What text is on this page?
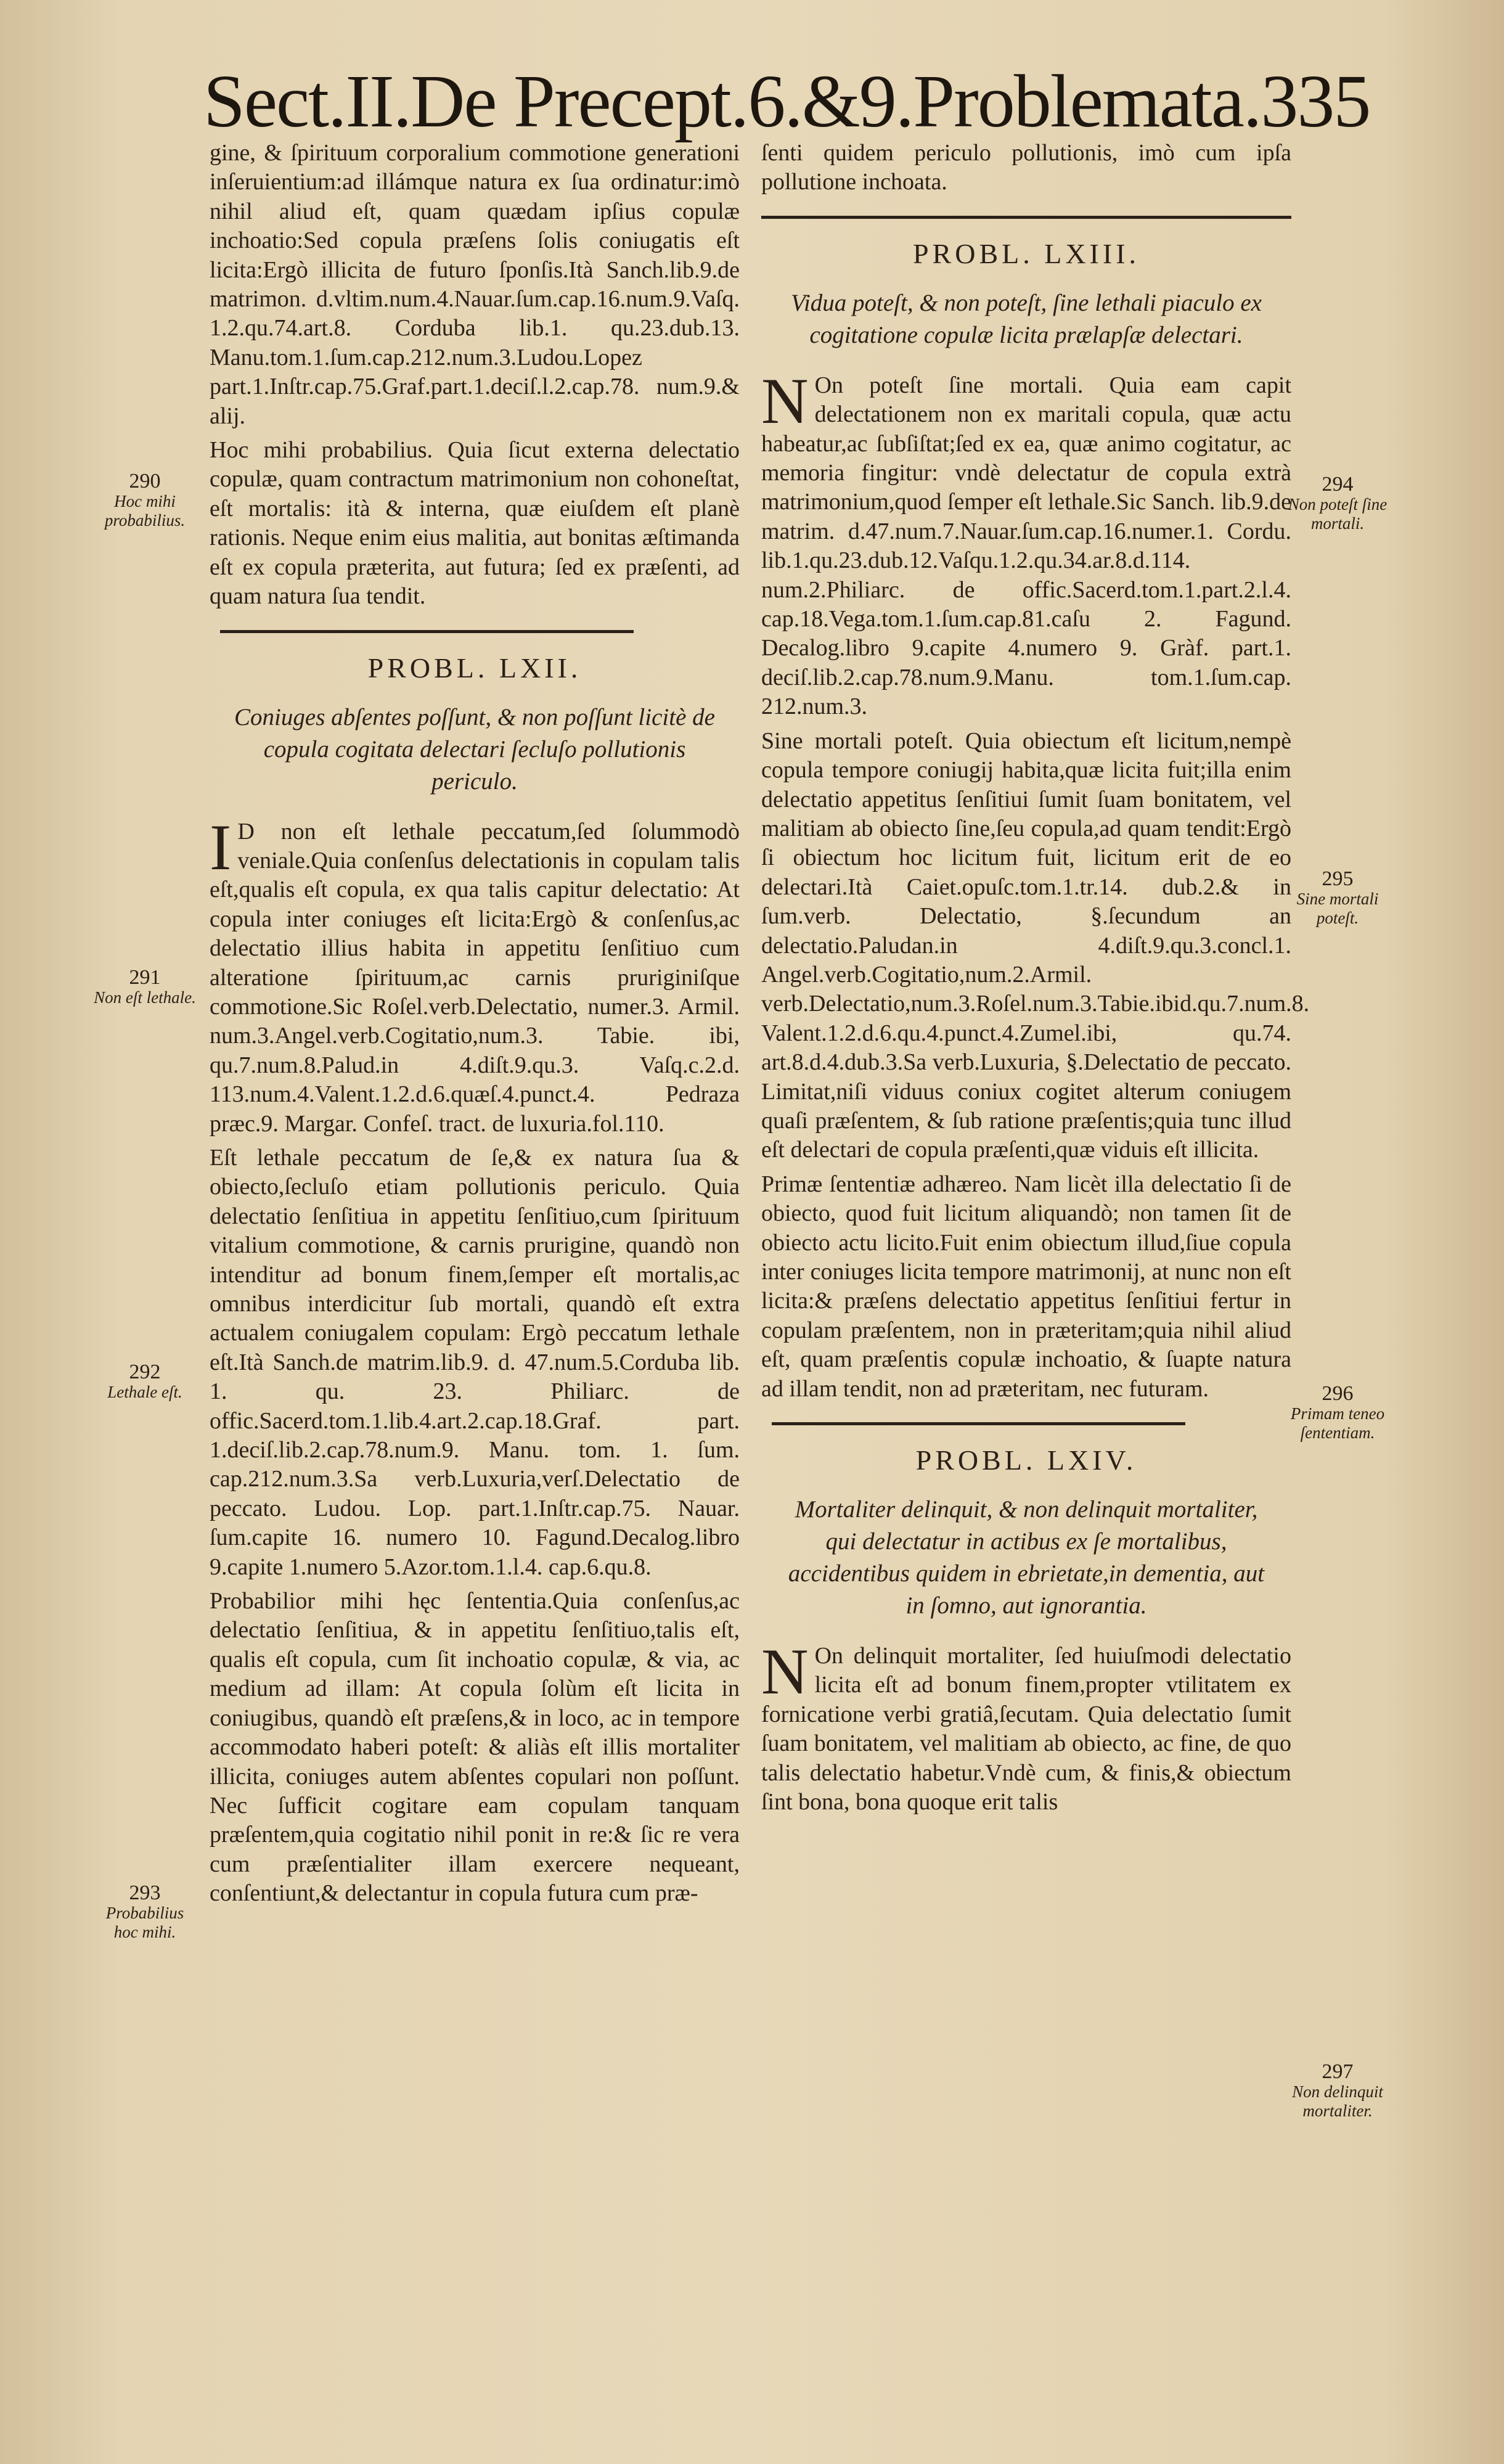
Sect.II.De Precept.6.&9.Problemata.335

gine, & ſpirituum corporalium commotione generationi inſeruientium:ad illámque natura ex ſua ordinatur:imò nihil aliud eſt, quam quædam ipſius copulæ inchoatio:Sed copula præſens ſolis coniugatis eſt licita:Ergò illicita de futuro ſponſis.Ità Sanch.lib.9.de matrimon. d.vltim.num.4.Nauar.ſum.cap.16.num.9.Vaſq. 1.2.qu.74.art.8. Corduba lib.1. qu.23.dub.13. Manu.tom.1.ſum.cap.212.num.3.Ludou.Lopez part.1.Inſtr.cap.75.Graf.part.1.deciſ.l.2.cap.78. num.9.& alij.

Hoc mihi probabilius. Quia ſicut externa delectatio copulæ, quam contractum matrimonium non cohoneſtat, eſt mortalis: ità & interna, quæ eiuſdem eſt planè rationis. Neque enim eius malitia, aut bonitas æſtimanda eſt ex copula præterita, aut futura; ſed ex præſenti, ad quam natura ſua tendit.

PROBL. LXII.
Coniuges abſentes poſſunt, & non poſſunt licitè de copula cogitata delectari ſecluſo pollutionis periculo.

I D non eſt lethale peccatum,ſed ſolummodò veniale.Quia conſenſus delectationis in copulam talis eſt,qualis eſt copula, ex qua talis capitur delectatio: At copula inter coniuges eſt licita:Ergò & conſenſus,ac delectatio illius habita in appetitu ſenſitiuo cum alteratione ſpirituum,ac carnis pruriginiſque commotione.Sic Roſel.verb.Delectatio, numer.3. Armil. num.3.Angel.verb.Cogitatio,num.3. Tabie. ibi, qu.7.num.8.Palud.in 4.diſt.9.qu.3. Vaſq.c.2.d. 113.num.4.Valent.1.2.d.6.quæſ.4.punct.4. Pedraza præc.9. Margar. Confeſ. tract. de luxuria.fol.110.

Eſt lethale peccatum de ſe,& ex natura ſua & obiecto,ſecluſo etiam pollutionis periculo. Quia delectatio ſenſitiua in appetitu ſenſitiuo,cum ſpirituum vitalium commotione, & carnis prurigine, quandò non intenditur ad bonum finem,ſemper eſt mortalis,ac omnibus interdicitur ſub mortali, quandò eſt extra actualem coniugalem copulam: Ergò peccatum lethale eſt.Ità Sanch.de matrim.lib.9. d. 47.num.5.Corduba lib. 1. qu. 23. Philiarc. de offic.Sacerd.tom.1.lib.4.art.2.cap.18.Graf. part. 1.deciſ.lib.2.cap.78.num.9. Manu. tom. 1. ſum. cap.212.num.3.Sa verb.Luxuria,verſ.Delectatio de peccato. Ludou. Lop. part.1.Inſtr.cap.75. Nauar. ſum.capite 16. numero 10. Fagund.Decalog.libro 9.capite 1.numero 5.Azor.tom.1.l.4. cap.6.qu.8.

Probabilior mihi hęc ſententia.Quia conſenſus,ac delectatio ſenſitiua, & in appetitu ſenſitiuo,talis eſt, qualis eſt copula, cum ſit inchoatio copulæ, & via, ac medium ad illam: At copula ſolùm eſt licita in coniugibus, quandò eſt præſens,& in loco, ac in tempore accommodato haberi poteſt: & aliàs eſt illis mortaliter illicita, coniuges autem abſentes copulari non poſſunt. Nec ſufficit cogitare eam copulam tanquam præſentem,quia cogitatio nihil ponit in re:& ſic re vera cum præſentialiter illam exercere nequeant, conſentiunt,& delectantur in copula futura cum præ-

ſenti quidem periculo pollutionis, imò cum ipſa pollutione inchoata.

PROBL. LXIII.
Vidua poteſt, & non poteſt, ſine lethali piaculo ex cogitatione copulæ licita prælapſæ delectari.

N On poteſt ſine mortali. Quia eam capit delectationem non ex maritali copula, quæ actu habeatur,ac ſubſiſtat;ſed ex ea, quæ animo cogitatur, ac memoria fingitur: vndè delectatur de copula extrà matrimonium,quod ſemper eſt lethale.Sic Sanch. lib.9.de matrim. d.47.num.7.Nauar.ſum.cap.16.numer.1. Cordu. lib.1.qu.23.dub.12.Vaſqu.1.2.qu.34.ar.8.d.114. num.2.Philiarc. de offic.Sacerd.tom.1.part.2.l.4. cap.18.Vega.tom.1.ſum.cap.81.caſu 2. Fagund. Decalog.libro 9.capite 4.numero 9. Gràf. part.1. deciſ.lib.2.cap.78.num.9.Manu. tom.1.ſum.cap. 212.num.3.

Sine mortali poteſt. Quia obiectum eſt licitum,nempè copula tempore coniugij habita,quæ licita fuit;illa enim delectatio appetitus ſenſitiui ſumit ſuam bonitatem, vel malitiam ab obiecto ſine,ſeu copula,ad quam tendit:Ergò ſi obiectum hoc licitum fuit, licitum erit de eo delectari.Ità Caiet.opuſc.tom.1.tr.14. dub.2.& in ſum.verb. Delectatio, §.ſecundum an delectatio.Paludan.in 4.diſt.9.qu.3.concl.1. Angel.verb.Cogitatio,num.2.Armil. verb.Delectatio,num.3.Roſel.num.3.Tabie.ibid.qu.7.num.8. Valent.1.2.d.6.qu.4.punct.4.Zumel.ibi, qu.74. art.8.d.4.dub.3.Sa verb.Luxuria, §.Delectatio de peccato. Limitat,niſi viduus coniux cogitet alterum coniugem quaſi præſentem, & ſub ratione præſentis;quia tunc illud eſt delectari de copula præſenti,quæ viduis eſt illicita.

Primæ ſententiæ adhæreo. Nam licèt illa delectatio ſi de obiecto, quod fuit licitum aliquandò; non tamen ſit de obiecto actu licito.Fuit enim obiectum illud,ſiue copula inter coniuges licita tempore matrimonij, at nunc non eſt licita:& præſens delectatio appetitus ſenſitiui fertur in copulam præſentem, non in præteritam;quia nihil aliud eſt, quam præſentis copulæ inchoatio, & ſuapte natura ad illam tendit, non ad præteritam, nec futuram.

PROBL. LXIV.
Mortaliter delinquit, & non delinquit mortaliter, qui delectatur in actibus ex ſe mortalibus, accidentibus quidem in ebrietate,in dementia, aut in ſomno, aut ignorantia.

N On delinquit mortaliter, ſed huiuſmodi delectatio licita eſt ad bonum finem,propter vtilitatem ex fornicatione verbi gratiâ,ſecutam. Quia delectatio ſumit ſuam bonitatem, vel malitiam ab obiecto, ac fine, de quo talis delectatio habetur.Vndè cum, & finis,& obiectum ſint bona, bona quoque erit talis

290
Hoc mihi probabilius.
291
Non eſt lethale.
292
Lethale eſt.
293
Probabilius hoc mihi.
294
Non poteſt ſine mortali.
295
Sine mortali poteſt.
296
Primam teneo ſententiam.
297
Non delinquit mortaliter.
